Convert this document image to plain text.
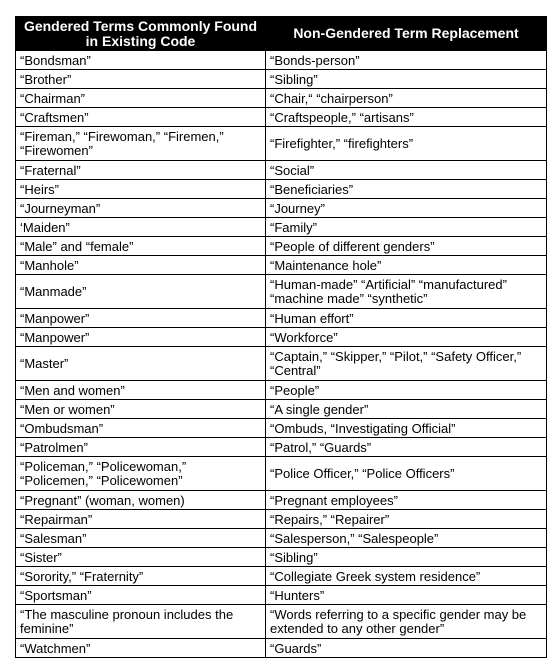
Gendered Terms Commonly Found in Existing Code	Non-Gendered Term Replacement
“Bondsman”	“Bonds-person”
“Brother”	“Sibling”
“Chairman”	“Chair,“ “chairperson”
“Craftsmen”	“Craftspeople,” “artisans”
“Fireman,” “Firewoman,” “Firemen,” “Firewomen”	“Firefighter,” “firefighters”
“Fraternal”	“Social”
“Heirs”	“Beneficiaries”
“Journeyman”	“Journey”
‘Maiden”	“Family”
“Male” and “female”	“People of different genders”
“Manhole”	“Maintenance hole”
“Manmade”	“Human-made” “Artificial” “manufactured” “machine made” “synthetic”
“Manpower”	“Human effort”
“Manpower”	“Workforce”
“Master”	“Captain,” “Skipper,” “Pilot,” “Safety Officer,” “Central”
“Men and women”	“People”
“Men or women”	“A single gender”
“Ombudsman”	“Ombuds, “Investigating Official”
“Patrolmen”	“Patrol,” “Guards”
“Policeman,” “Policewoman,” “Policemen,” “Policewomen”	“Police Officer,” “Police Officers”
“Pregnant” (woman, women)	“Pregnant employees”
“Repairman”	“Repairs,” “Repairer”
“Salesman”	“Salesperson,” “Salespeople”
“Sister”	“Sibling”
“Sorority,” “Fraternity”	“Collegiate Greek system residence”
“Sportsman”	“Hunters”
“The masculine pronoun includes the feminine”	“Words referring to a specific gender may be extended to any other gender”
“Watchmen”	“Guards”
